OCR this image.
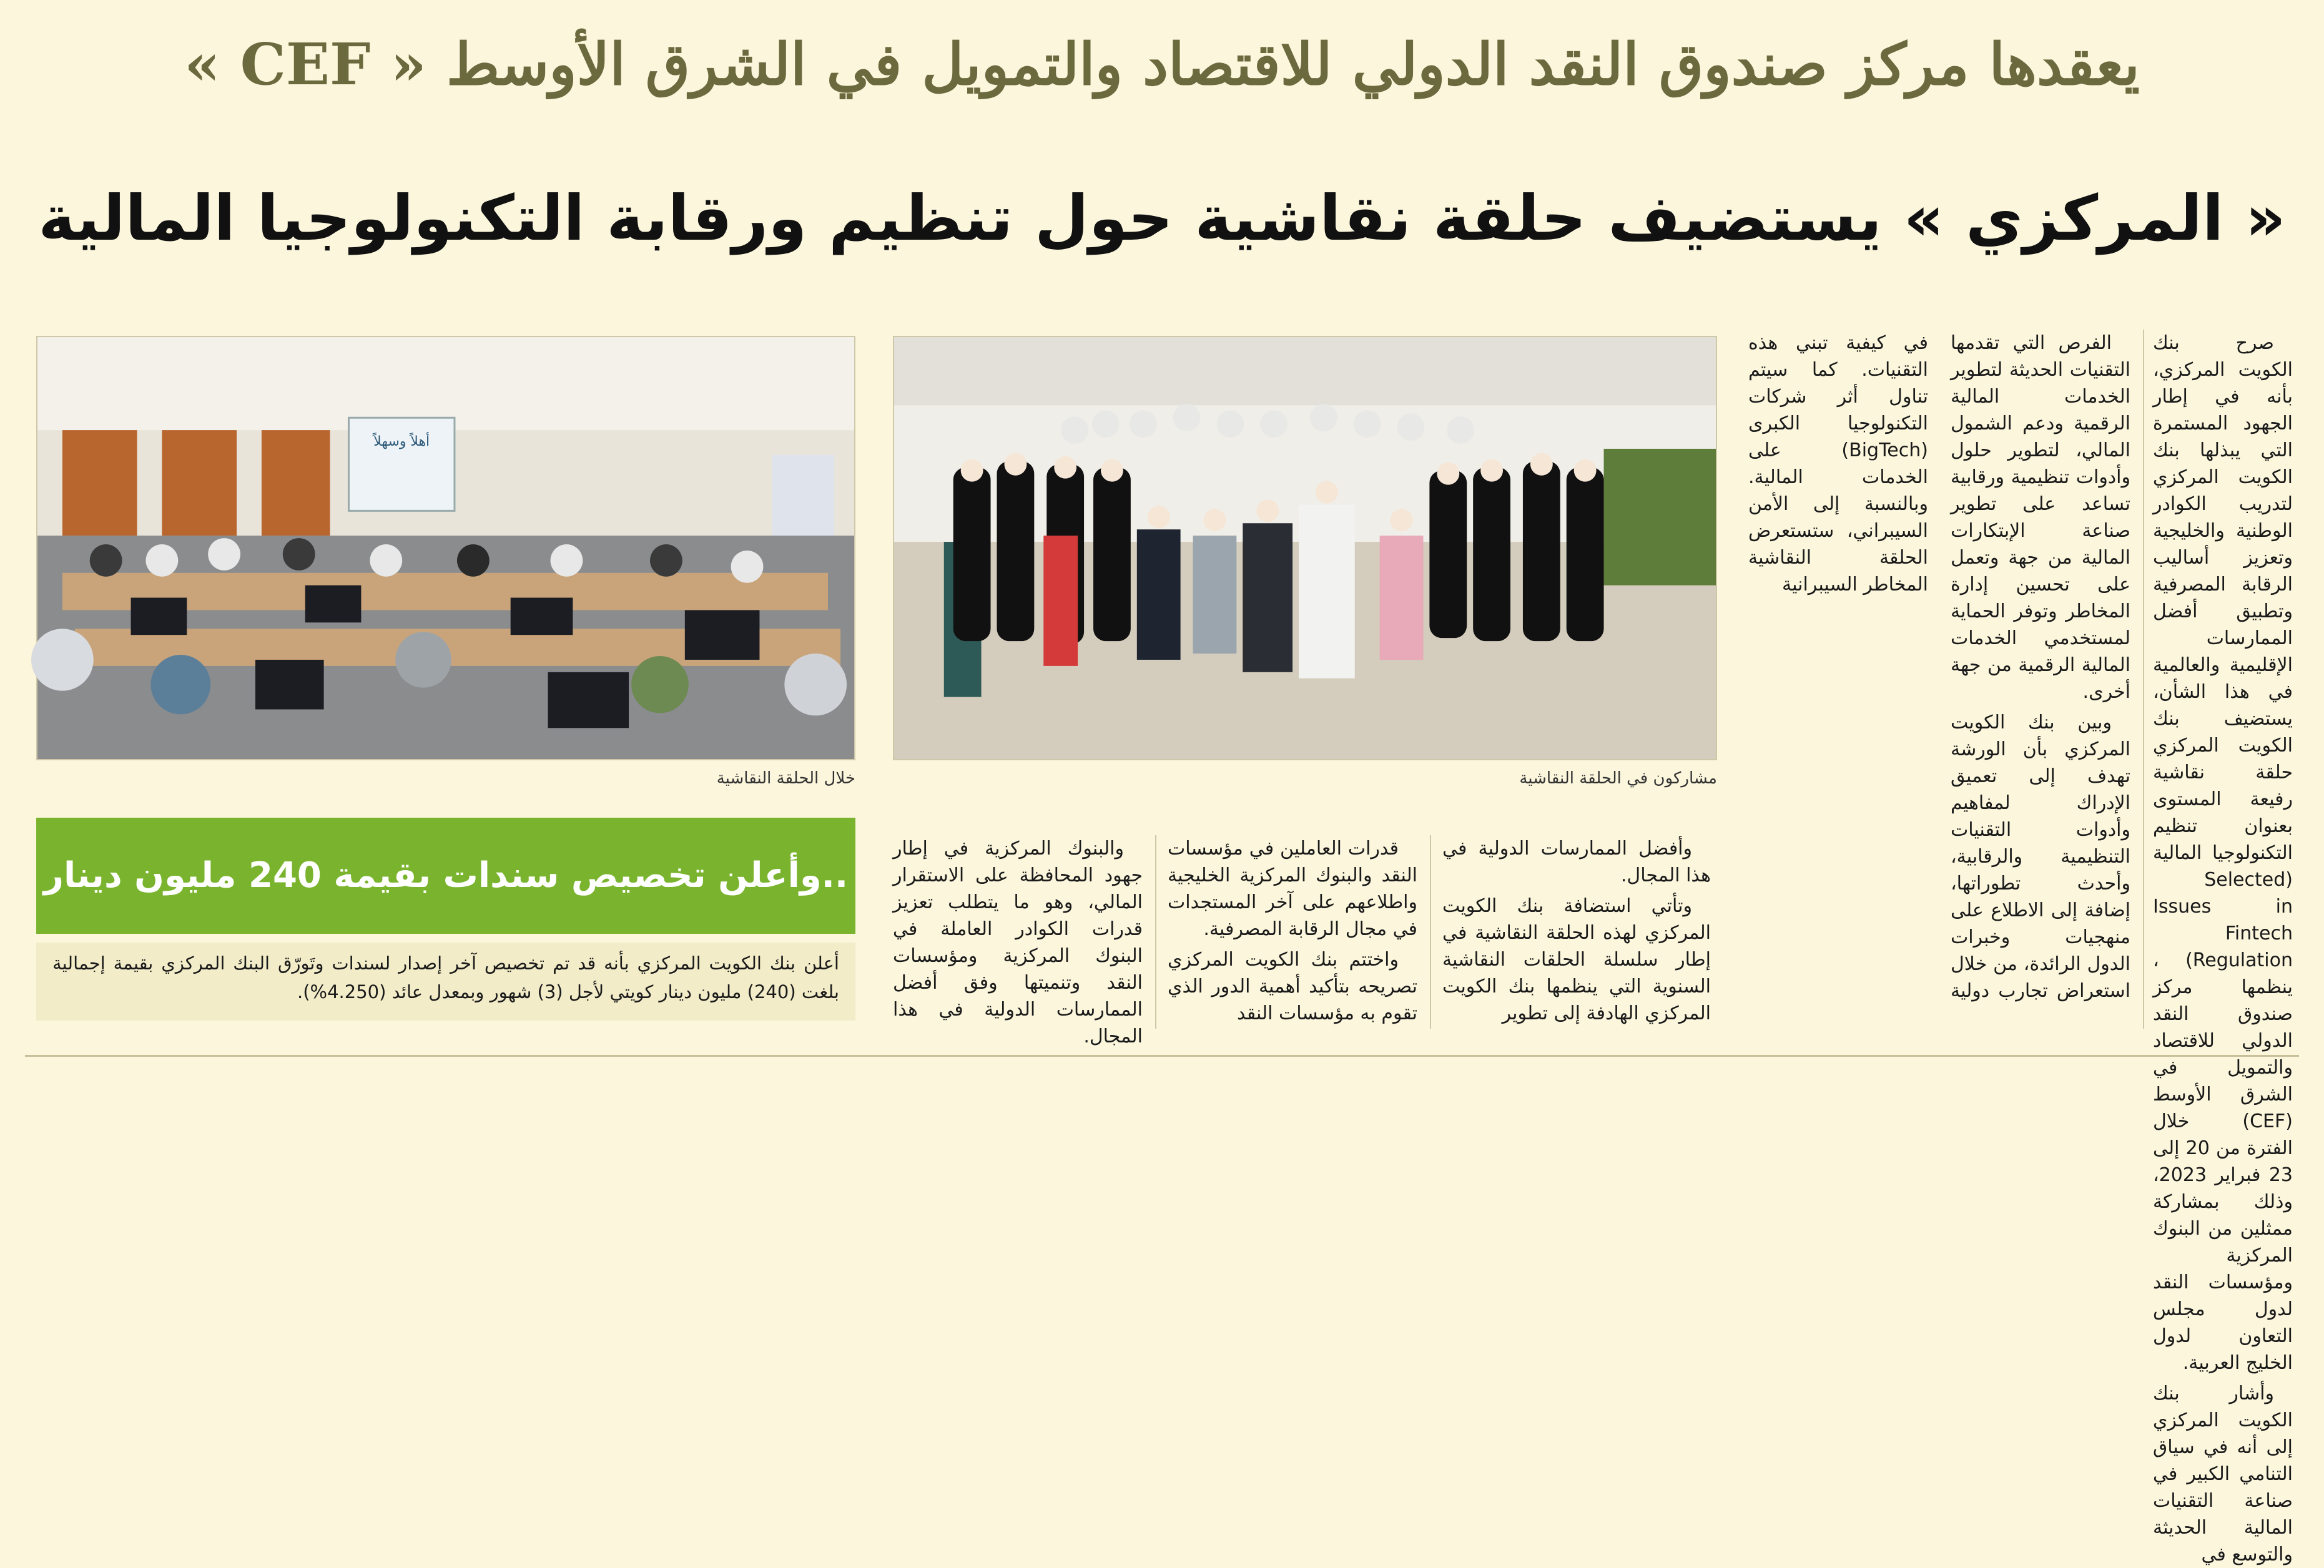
يعقدها مركز صندوق النقد الدولي للاقتصاد والتمويل في الشرق الأوسط « CEF »
« المركزي » يستضيف حلقة نقاشية حول تنظيم ورقابة التكنولوجيا المالية
أهلاً وسهلاً
مشاركون في الحلقة النقاشية
خلال الحلقة النقاشية

صرح بنك الكويت المركزي، بأنه في إطار الجهود المستمرة التي يبذلها بنك الكويت المركزي لتدريب الكوادر الوطنية والخليجية وتعزيز أساليب الرقابة المصرفية وتطبيق أفضل الممارسات الإقليمية والعالمية في هذا الشأن، يستضيف بنك الكويت المركزي حلقة نقاشية رفيعة المستوى بعنوان تنظيم التكنولوجيا المالية (Selected Issues in Fintech Regulation) ، ينظمها مركز صندوق النقد الدولي للاقتصاد والتمويل في الشرق الأوسط (CEF) خلال الفترة من 20 إلى 23 فبراير 2023، وذلك بمشاركة ممثلين من البنوك المركزية ومؤسسات النقد لدول مجلس التعاون لدول الخليج العربية.

وأشار بنك الكويت المركزي إلى أنه في سياق التنامي الكبير في صناعة التقنيات المالية الحديثة والتوسع في

الفرص التي تقدمها التقنيات الحديثة لتطوير الخدمات المالية الرقمية ودعم الشمول المالي، لتطوير حلول وأدوات تنظيمية ورقابية تساعد على تطوير صناعة الإبتكارات المالية من جهة وتعمل على تحسين إدارة المخاطر وتوفر الحماية لمستخدمي الخدمات المالية الرقمية من جهة أخرى.

وبين بنك الكويت المركزي بأن الورشة تهدف إلى تعميق الإدراك لمفاهيم وأدوات التقنيات التنظيمية والرقابية، وأحدث تطوراتها، إضافة إلى الاطلاع على منهجيات وخبرات الدول الرائدة، من خلال استعراض تجارب دولية في كيفية تبني هذه التقنيات. كما سيتم تناول أثر شركات التكنولوجيا الكبرى (BigTech) على الخدمات المالية. وبالنسبة إلى الأمن السيبراني، ستستعرض الحلقة النقاشية المخاطر السيبرانية

وأفضل الممارسات الدولية في هذا المجال.

وتأتي استضافة بنك الكويت المركزي لهذه الحلقة النقاشية في إطار سلسلة الحلقات النقاشية السنوية التي ينظمها بنك الكويت المركزي الهادفة إلى تطوير

قدرات العاملين في مؤسسات النقد والبنوك المركزية الخليجية واطلاعهم على آخر المستجدات في مجال الرقابة المصرفية.

واختتم بنك الكويت المركزي تصريحه بتأكيد أهمية الدور الذي تقوم به مؤسسات النقد

والبنوك المركزية في إطار جهود المحافظة على الاستقرار المالي، وهو ما يتطلب تعزيز قدرات الكوادر العاملة في البنوك المركزية ومؤسسات النقد وتنميتها وفق أفضل الممارسات الدولية في هذا المجال.

..وأعلن تخصيص سندات بقيمة 240 مليون دينار
أعلن بنك الكويت المركزي بأنه قد تم تخصيص آخر إصدار لسندات وتَورّق البنك المركزي بقيمة إجمالية بلغت (240) مليون دينار كويتي لأجل (3) شهور وبمعدل عائد (4.250%).
